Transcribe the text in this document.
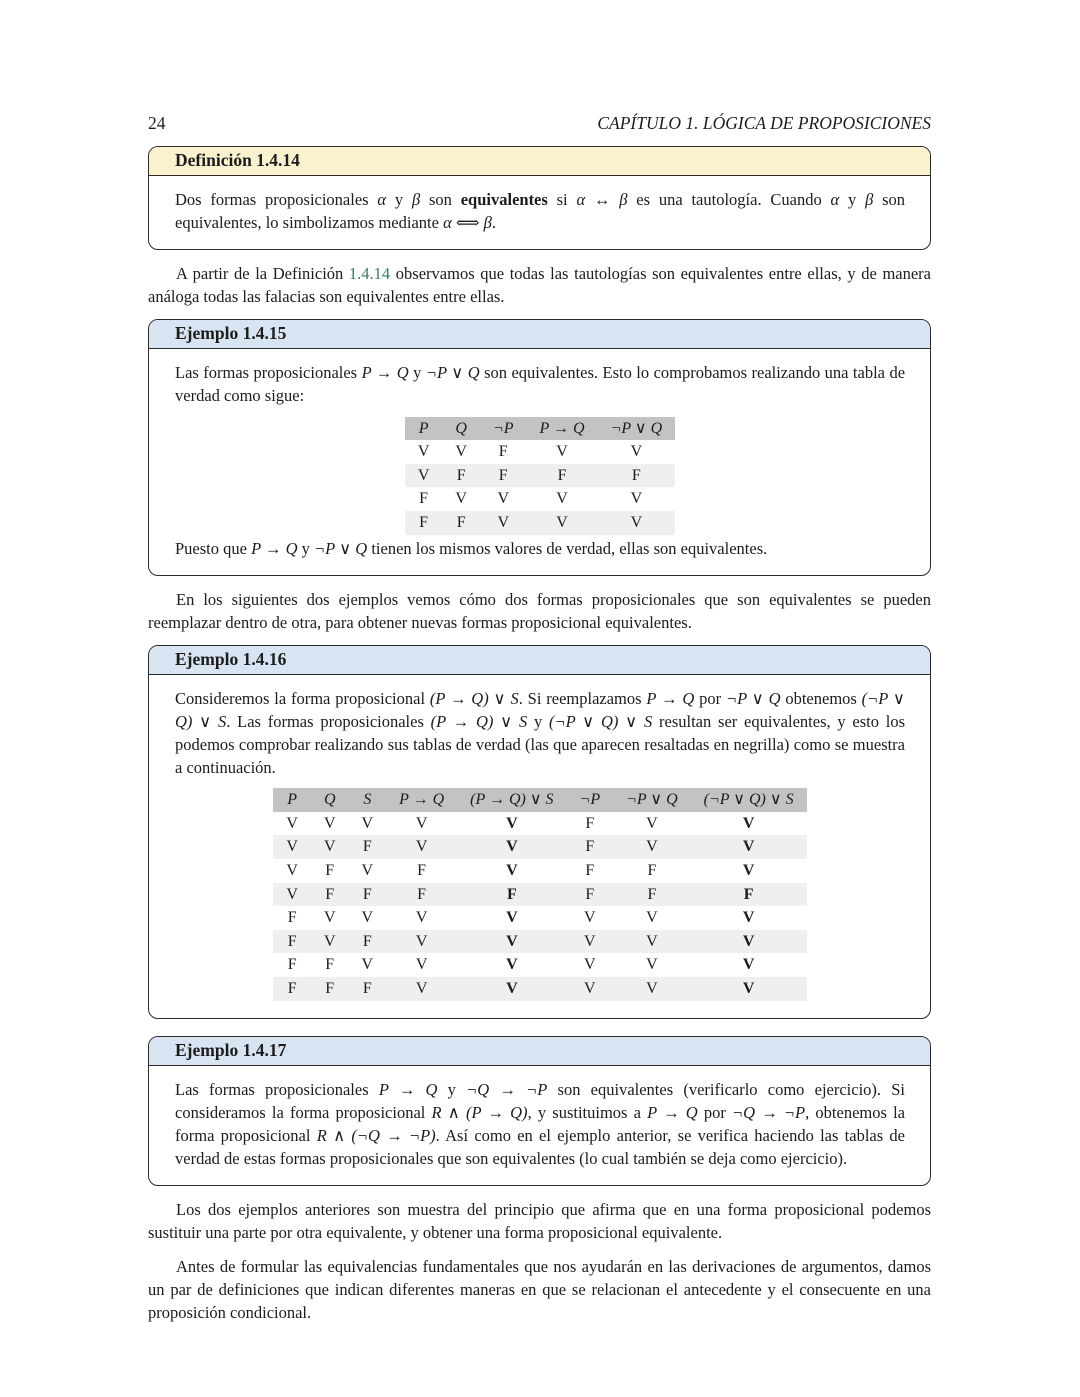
24	CAPÍTULO 1. LÓGICA DE PROPOSICIONES
Definición 1.4.14

Dos formas proposicionales α y β son equivalentes si α ↔ β es una tautología. Cuando α y β son equivalentes, lo simbolizamos mediante α ⟺ β.

A partir de la Definición 1.4.14 observamos que todas las tautologías son equivalentes entre ellas, y de manera análoga todas las falacias son equivalentes entre ellas.

Ejemplo 1.4.15

Las formas proposicionales P → Q y ¬P ∨ Q son equivalentes. Esto lo comprobamos realizando una tabla de verdad como sigue:

P	Q	¬P	P → Q	¬P ∨ Q
V	V	F	V	V
V	F	F	F	F
F	V	V	V	V
F	F	V	V	V

Puesto que P → Q y ¬P ∨ Q tienen los mismos valores de verdad, ellas son equivalentes.

En los siguientes dos ejemplos vemos cómo dos formas proposicionales que son equivalentes se pueden reemplazar dentro de otra, para obtener nuevas formas proposicional equivalentes.

Ejemplo 1.4.16

Consideremos la forma proposicional (P → Q) ∨ S. Si reemplazamos P → Q por ¬P ∨ Q obtenemos (¬P ∨ Q) ∨ S. Las formas proposicionales (P → Q) ∨ S y (¬P ∨ Q) ∨ S resultan ser equivalentes, y esto los podemos comprobar realizando sus tablas de verdad (las que aparecen resaltadas en negrilla) como se muestra a continuación.

P	Q	S	P → Q	(P → Q) ∨ S	¬P	¬P ∨ Q	(¬P ∨ Q) ∨ S
V	V	V	V	V	F	V	V
V	V	F	V	V	F	V	V
V	F	V	F	V	F	F	V
V	F	F	F	F	F	F	F
F	V	V	V	V	V	V	V
F	V	F	V	V	V	V	V
F	F	V	V	V	V	V	V
F	F	F	V	V	V	V	V
Ejemplo 1.4.17

Las formas proposicionales P → Q y ¬Q → ¬P son equivalentes (verificarlo como ejercicio). Si consideramos la forma proposicional R ∧ (P → Q), y sustituimos a P → Q por ¬Q → ¬P, obtenemos la forma proposicional R ∧ (¬Q → ¬P). Así como en el ejemplo anterior, se verifica haciendo las tablas de verdad de estas formas proposicionales que son equivalentes (lo cual también se deja como ejercicio).

Los dos ejemplos anteriores son muestra del principio que afirma que en una forma proposicional podemos sustituir una parte por otra equivalente, y obtener una forma proposicional equivalente.

Antes de formular las equivalencias fundamentales que nos ayudarán en las derivaciones de argumentos, damos un par de definiciones que indican diferentes maneras en que se relacionan el antecedente y el consecuente en una proposición condicional.
